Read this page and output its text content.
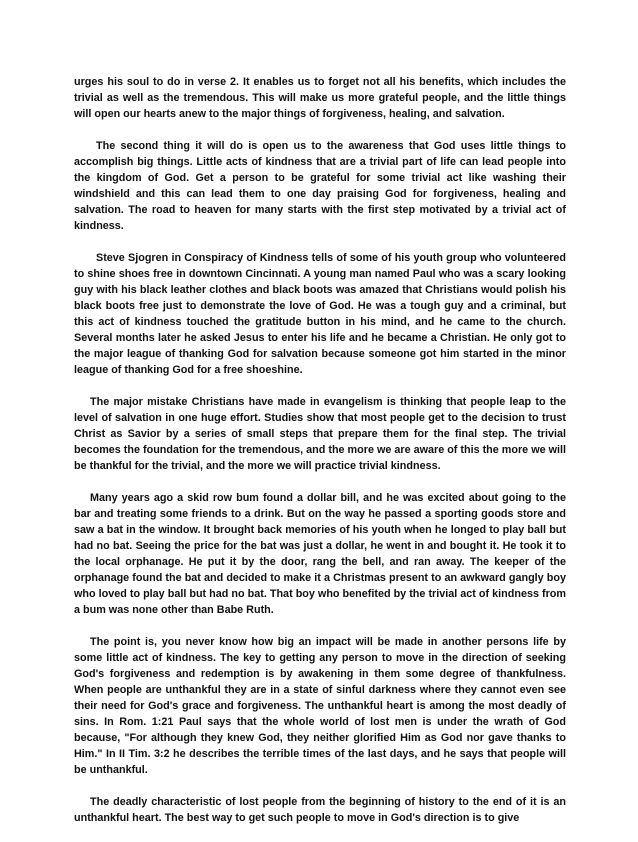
urges his soul to do in verse 2. It enables us to forget not all his benefits, which includes the trivial as well as the tremendous. This will make us more grateful people, and the little things will open our hearts anew to the major things of forgiveness, healing, and salvation.

The second thing it will do is open us to the awareness that God uses little things to accomplish big things. Little acts of kindness that are a trivial part of life can lead people into the kingdom of God. Get a person to be grateful for some trivial act like washing their windshield and this can lead them to one day praising God for forgiveness, healing and salvation. The road to heaven for many starts with the first step motivated by a trivial act of kindness.

Steve Sjogren in Conspiracy of Kindness tells of some of his youth group who volunteered to shine shoes free in downtown Cincinnati. A young man named Paul who was a scary looking guy with his black leather clothes and black boots was amazed that Christians would polish his black boots free just to demonstrate the love of God. He was a tough guy and a criminal, but this act of kindness touched the gratitude button in his mind, and he came to the church. Several months later he asked Jesus to enter his life and he became a Christian. He only got to the major league of thanking God for salvation because someone got him started in the minor league of thanking God for a free shoeshine.

The major mistake Christians have made in evangelism is thinking that people leap to the level of salvation in one huge effort. Studies show that most people get to the decision to trust Christ as Savior by a series of small steps that prepare them for the final step. The trivial becomes the foundation for the tremendous, and the more we are aware of this the more we will be thankful for the trivial, and the more we will practice trivial kindness.

Many years ago a skid row bum found a dollar bill, and he was excited about going to the bar and treating some friends to a drink. But on the way he passed a sporting goods store and saw a bat in the window. It brought back memories of his youth when he longed to play ball but had no bat. Seeing the price for the bat was just a dollar, he went in and bought it. He took it to the local orphanage. He put it by the door, rang the bell, and ran away. The keeper of the orphanage found the bat and decided to make it a Christmas present to an awkward gangly boy who loved to play ball but had no bat. That boy who benefited by the trivial act of kindness from a bum was none other than Babe Ruth.

The point is, you never know how big an impact will be made in another persons life by some little act of kindness. The key to getting any person to move in the direction of seeking God's forgiveness and redemption is by awakening in them some degree of thankfulness. When people are unthankful they are in a state of sinful darkness where they cannot even see their need for God's grace and forgiveness. The unthankful heart is among the most deadly of sins. In Rom. 1:21 Paul says that the whole world of lost men is under the wrath of God because, "For although they knew God, they neither glorified Him as God nor gave thanks to Him." In II Tim. 3:2 he describes the terrible times of the last days, and he says that people will be unthankful.

The deadly characteristic of lost people from the beginning of history to the end of it is an unthankful heart. The best way to get such people to move in God's direction is to give
